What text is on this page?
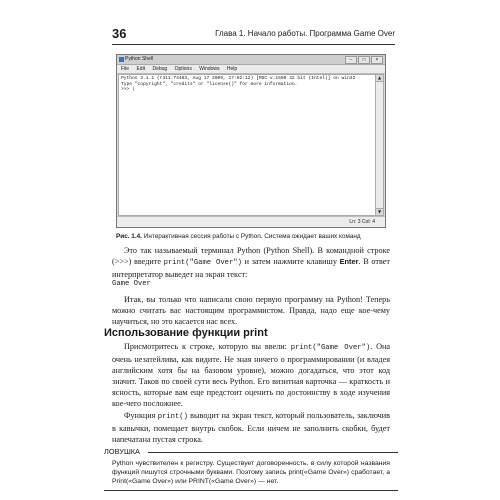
36	Глава 1. Начало работы. Программа Game Over
Python Shell	– □ ×
File Edit Debug Options Windows Help
Python 3.1.1 (r311:74483, Aug 17 2009, 17:02:12) [MSC v.1500 32 bit (Intel)] on win32
Type "copyright", "credits" or "license()" for more information.
>>> |
▲
▼
Ln: 3 Col: 4
Рис. 1.4. Интерактивная сессия работы с Python. Система ожидает ваших команд
Это так называемый терминал Python (Python Shell). В командной строке (>>>) введите print("Game Over") и затем нажмите клавишу Enter. В ответ интерпретатор выведет на экран текст:
Game Over
Итак, вы только что написали свою первую программу на Python! Теперь можно считать вас настоящим программистом. Правда, надо еще кое-чему научиться, но это касается нас всех.
Использование функции print
Присмотритесь к строке, которую вы ввели: print("Game Over"). Она очень незатейлива, как видите. Не зная ничего о программировании (и владея английским хотя бы на базовом уровне), можно догадаться, что этот код значит. Таков по своей сути весь Python. Его визитная карточка — краткость и ясность, которые вам еще предстоит оценить по достоинству в ходе изучения кое-чего посложнее.
Функция print() выводит на экран текст, который пользователь, заключив в кавычки, помещает внутрь скобок. Если ничем не заполнить скобки, будет напечатана пустая строка.
ЛОВУШКА
Python чувствителен к регистру. Существует договоренность, в силу которой названия функций пишутся строчными буквами. Поэтому запись print(«Game Over») сработает, а Print(«Game Over») или PRINT(«Game Over») — нет.
